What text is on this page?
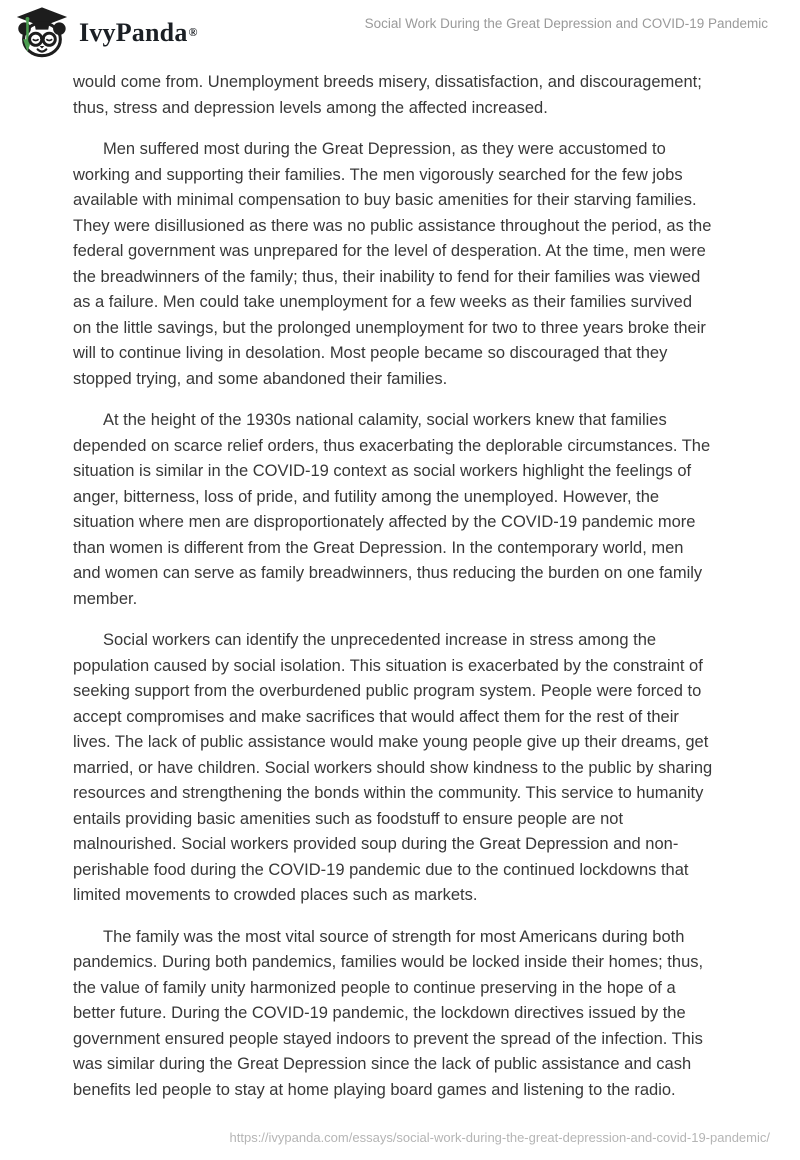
IvyPanda ®
Social Work During the Great Depression and COVID-19 Pandemic

would come from. Unemployment breeds misery, dissatisfaction, and discouragement; thus, stress and depression levels among the affected increased.

Men suffered most during the Great Depression, as they were accustomed to working and supporting their families. The men vigorously searched for the few jobs available with minimal compensation to buy basic amenities for their starving families. They were disillusioned as there was no public assistance throughout the period, as the federal government was unprepared for the level of desperation. At the time, men were the breadwinners of the family; thus, their inability to fend for their families was viewed as a failure. Men could take unemployment for a few weeks as their families survived on the little savings, but the prolonged unemployment for two to three years broke their will to continue living in desolation. Most people became so discouraged that they stopped trying, and some abandoned their families.

At the height of the 1930s national calamity, social workers knew that families depended on scarce relief orders, thus exacerbating the deplorable circumstances. The situation is similar in the COVID-19 context as social workers highlight the feelings of anger, bitterness, loss of pride, and futility among the unemployed. However, the situation where men are disproportionately affected by the COVID-19 pandemic more than women is different from the Great Depression. In the contemporary world, men and women can serve as family breadwinners, thus reducing the burden on one family member.

Social workers can identify the unprecedented increase in stress among the population caused by social isolation. This situation is exacerbated by the constraint of seeking support from the overburdened public program system. People were forced to accept compromises and make sacrifices that would affect them for the rest of their lives. The lack of public assistance would make young people give up their dreams, get married, or have children. Social workers should show kindness to the public by sharing resources and strengthening the bonds within the community. This service to humanity entails providing basic amenities such as foodstuff to ensure people are not malnourished. Social workers provided soup during the Great Depression and non-perishable food during the COVID-19 pandemic due to the continued lockdowns that limited movements to crowded places such as markets.

The family was the most vital source of strength for most Americans during both pandemics. During both pandemics, families would be locked inside their homes; thus, the value of family unity harmonized people to continue preserving in the hope of a better future. During the COVID-19 pandemic, the lockdown directives issued by the government ensured people stayed indoors to prevent the spread of the infection. This was similar during the Great Depression since the lack of public assistance and cash benefits led people to stay at home playing board games and listening to the radio.

https://ivypanda.com/essays/social-work-during-the-great-depression-and-covid-19-pandemic/
